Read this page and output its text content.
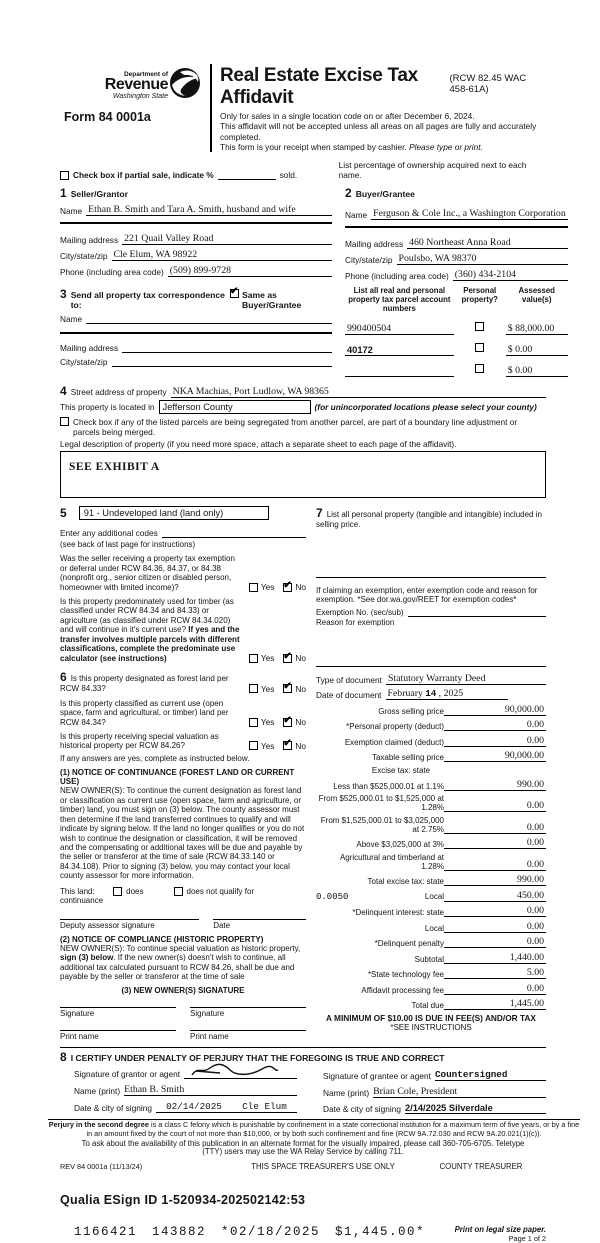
Department of
Revenue
Washington State
Form 84 0001a
Real Estate Excise Tax Affidavit
(RCW 82.45 WAC 458-61A)
Only for sales in a single location code on or after December 6, 2024.
This affidavit will not be accepted unless all areas on all pages are fully and accurately completed.
This form is your receipt when stamped by cashier. Please type or print.
Check box if partial sale, indicate %	sold.
List percentage of ownership acquired next to each name.
1 Seller/Grantor
Name Ethan B. Smith and Tara A. Smith, husband and wife
Mailing address 221 Quail Valley Road
City/state/zip Cle Elum, WA 98922
Phone (including area code) (509) 899-9728
3 Send all property tax correspondence to:
✔
Same as Buyer/Grantee
Name
Mailing address
City/state/zip
2 Buyer/Grantee
Name Ferguson & Cole Inc., a Washington Corporation
Mailing address 460 Northeast Anna Road
City/state/zip Poulsbo, WA 98370
Phone (including area code) (360) 434-2104
List all real and personal property tax parcel account numbers
Personal property?
Assessed value(s)
990400504	$ 88,000.00
40172	$ 0.00
$ 0.00
4 Street address of property NKA Machias, Port Ludlow, WA 98365
This property is located in Jefferson County	(for unincorporated locations please select your county)
Check box if any of the listed parcels are being segregated from another parcel, are part of a boundary line adjustment or parcels being merged.
Legal description of property (if you need more space, attach a separate sheet to each page of the affidavit).
SEE EXHIBIT A
5	91 - Undeveloped land (land only)
Enter any additional codes
(see back of last page for instructions)
Was the seller receiving a property tax exemption or deferral under RCW 84.36, 84.37, or 84.38 (nonprofit org., senior citizen or disabled person, homeowner with limited income)?	Yes ✔	No
Is this property predominately used for timber (as classified under RCW 84.34 and 84.33) or agriculture (as classified under RCW 84.34.020) and will continue in it's current use? If yes and the transfer involves multiple parcels with different classifications, complete the predominate use calculator (see instructions)	Yes ✔	No
6 Is this property designated as forest land per RCW 84.33?	Yes ✔	No
Is this property classified as current use (open space, farm and agricultural, or timber) land per RCW 84.34?	Yes ✔	No
Is this property receiving special valuation as historical property per RCW 84.26?	Yes ✔	No
If any answers are yes, complete as instructed below.
(1) NOTICE OF CONTINUANCE (FOREST LAND OR CURRENT USE)
NEW OWNER(S): To continue the current designation as forest land or classification as current use (open space, farm and agriculture, or timber) land, you must sign on (3) below. The county assessor must then determine if the land transferred continues to qualify and will indicate by signing below. If the land no longer qualifies or you do not wish to continue the designation or classification, it will be removed and the compensating or additional taxes will be due and payable by the seller or transferor at the time of sale (RCW 84.33.140 or 84.34.108). Prior to signing (3) below, you may contact your local county assessor for more information.
This land:
continuance
does	does not qualify for
Deputy assessor signature	Date
(2) NOTICE OF COMPLIANCE (HISTORIC PROPERTY)
NEW OWNER(S): To continue special valuation as historic property, sign (3) below. If the new owner(s) doesn't wish to continue, all additional tax calculated pursuant to RCW 84.26, shall be due and payable by the seller or transferor at the time of sale
(3) NEW OWNER(S) SIGNATURE
Signature	Signature
Print name	Print name
7 List all personal property (tangible and intangible) included in selling price.
If claiming an exemption, enter exemption code and reason for exemption. *See dor.wa.gov/REET for exemption codes*
Exemption No. (sec/sub)
Reason for exemption
Type of document Statutory Warranty Deed
Date of document February 14 , 2025
Gross selling price	90,000.00
*Personal property (deduct)	0.00
Exemption claimed (deduct)	0.00
Taxable selling price	90,000.00
Excise tax: state
Less than $525,000.01 at 1.1%	990.00
From $525,000.01 to $1,525,000 at 1.28%	0.00
From $1,525,000.01 to $3,025,000 at 2.75%	0.00
Above $3,025,000 at 3%	0.00
Agricultural and timberland at 1.28%	0.00
Total excise tax: state	990.00
0.0050	Local	450.00
*Delinquent interest: state	0.00
Local	0.00
*Delinquent penalty	0.00
Subtotal	1,440.00
*State technology fee	5.00
Affidavit processing fee	0.00
Total due	1,445.00
A MINIMUM OF $10.00 IS DUE IN FEE(S) AND/OR TAX
*SEE INSTRUCTIONS
8 I CERTIFY UNDER PENALTY OF PERJURY THAT THE FOREGOING IS TRUE AND CORRECT
Signature of grantor or agent
Name (print) Ethan B. Smith
Date & city of signing 02/14/2025 Cle Elum
Signature of grantee or agent Countersigned
Name (print) Brian Cole, President
Date & city of signing 2/14/2025 Silverdale
Perjury in the second degree is a class C felony which is punishable by confinement in a state correctional institution for a maximum term of five years, or by a fine in an amount fixed by the court of not more than $10,000, or by both such confinement and fine (RCW 9A.72.030 and RCW 9A.20.021(1)(c)).
To ask about the availability of this publication in an alternate format for the visually impaired, please call 360-705-6705. Teletype
(TTY) users may use the WA Relay Service by calling 711.
REV 84 0001a (11/13/24)	THIS SPACE TREASURER'S USE ONLY	COUNTY TREASURER
Qualia ESign ID 1-520934-202502142:53
1166421 143882 *02/18/2025 $1,445.00*	Print on legal size paper.
Page 1 of 2
